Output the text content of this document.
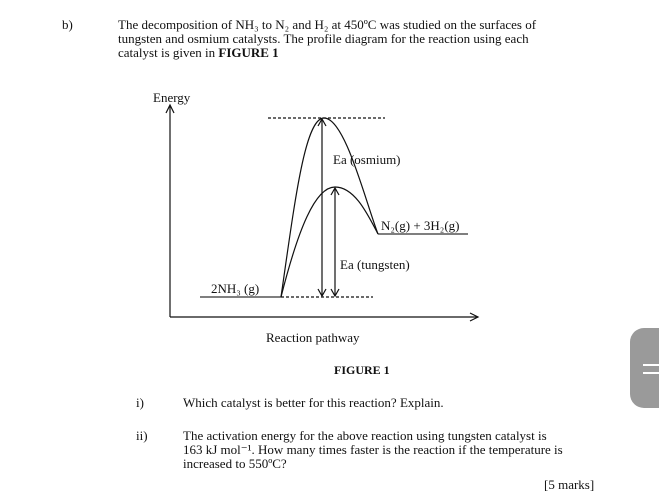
b)	The decomposition of NH₃ to N₂ and H₂ at 450ºC was studied on the surfaces of
tungsten and osmium catalysts. The profile diagram for the reaction using each
catalyst is given in FIGURE 1
Energy
Ea (osmium)
N₂(g) + 3H₂(g)
Ea (tungsten)
2NH₃ (g)
Reaction pathway
FIGURE 1
i)	Which catalyst is better for this reaction? Explain.
ii)	The activation energy for the above reaction using tungsten catalyst is
163 kJ mol⁻¹. How many times faster is the reaction if the temperature is
increased to 550ºC?
[5 marks]
